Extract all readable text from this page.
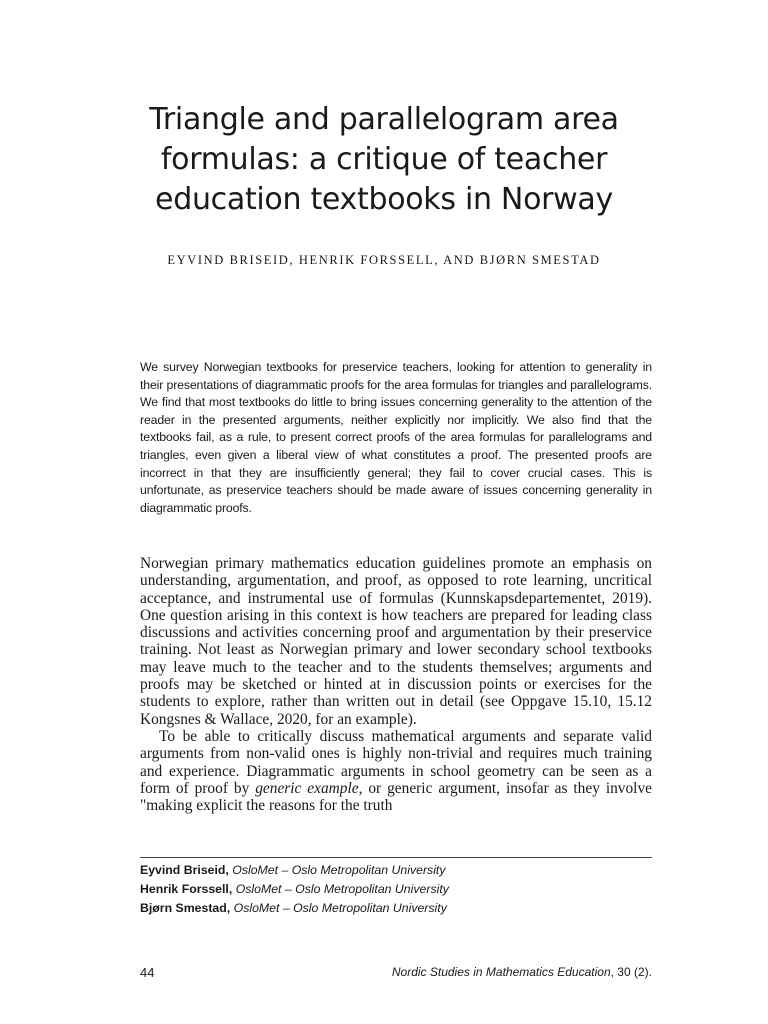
Triangle and parallelogram area formulas: a critique of teacher education textbooks in Norway
EYVIND BRISEID, HENRIK FORSSELL, AND BJØRN SMESTAD
We survey Norwegian textbooks for preservice teachers, looking for attention to generality in their presentations of diagrammatic proofs for the area formulas for triangles and parallelograms. We find that most textbooks do little to bring issues concerning generality to the attention of the reader in the presented arguments, neither explicitly nor implicitly. We also find that the textbooks fail, as a rule, to present correct proofs of the area formulas for parallelograms and triangles, even given a liberal view of what constitutes a proof. The presented proofs are incorrect in that they are insufficiently general; they fail to cover crucial cases. This is unfortunate, as preservice teachers should be made aware of issues concerning generality in diagrammatic proofs.

Norwegian primary mathematics education guidelines promote an emphasis on understanding, argumentation, and proof, as opposed to rote learning, uncritical acceptance, and instrumental use of formulas (Kunnskapsdepartementet, 2019). One question arising in this context is how teachers are prepared for leading class discussions and activities concerning proof and argumentation by their preservice training. Not least as Norwegian primary and lower secondary school textbooks may leave much to the teacher and to the students themselves; arguments and proofs may be sketched or hinted at in discussion points or exercises for the students to explore, rather than written out in detail (see Oppgave 15.10, 15.12 Kongsnes & Wallace, 2020, for an example).

To be able to critically discuss mathematical arguments and separate valid arguments from non-valid ones is highly non-trivial and requires much training and experience. Diagrammatic arguments in school geometry can be seen as a form of proof by generic example, or generic argument, insofar as they involve "making explicit the reasons for the truth

Eyvind Briseid, OsloMet – Oslo Metropolitan University
Henrik Forssell, OsloMet – Oslo Metropolitan University
Bjørn Smestad, OsloMet – Oslo Metropolitan University
44	Nordic Studies in Mathematics Education, 30 (2).
